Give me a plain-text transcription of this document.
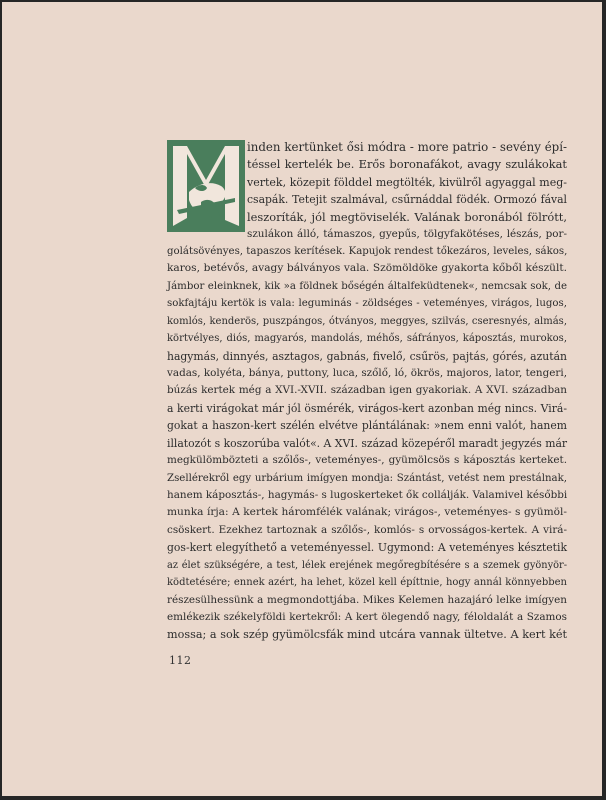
inden kertünket ősi módra - more patrio - sevény épí-
téssel kertelék be. Erős boronafákot, avagy szulákokat
vertek, közepit földdel megtölték, kivülről agyaggal meg-
csapák. Tetejit szalmával, csűrnáddal födék. Ormozó fával
leszoríták, jól megtöviselék. Valának boronából fölrótt,
szulákon álló, támaszos, gyepűs, tölgyfakötéses, lészás, por-
golátsövényes, tapaszos kerítések. Kapujok rendest tőkezáros, leveles, sákos,
karos, betévős, avagy bálványos vala. Szömöldöke gyakorta kőből készült.
Jámbor eleinknek, kik »a földnek bőségén általfeküdtenek«, nemcsak sok, de
sokfajtáju kertök is vala: leguminás - zöldséges - veteményes, virágos, lugos,
komlós, kenderös, puszpángos, ótványos, meggyes, szilvás, cseresnyés, almás,
körtvélyes, diós, magyarós, mandolás, méhős, sáfrányos, káposztás, murokos,
hagymás, dinnyés, asztagos, gabnás, fivelő, csűrös, pajtás, górés, azután
vadas, kolyéta, bánya, puttony, luca, szőlő, ló, ökrös, majoros, lator, tengeri,
búzás kertek még a XVI.-XVII. században igen gyakoriak. A XVI. században
a kerti virágokat már jól ösmérék, virágos-kert azonban még nincs. Virá-
gokat a haszon-kert szélén elvétve plántálának: »nem enni valót, hanem
illatozót s koszorúba valót«. A XVI. század közepéről maradt jegyzés már
megkülömbözteti a szőlős-, veteményes-, gyümölcsös s káposztás kerteket.
Zsellérekről egy urbárium imígyen mondja: Szántást, vetést nem prestálnak,
hanem káposztás-, hagymás- s lugoskerteket ők collálják. Valamivel későbbi
munka írja: A kertek háromfélék valának; virágos-, veteményes- s gyümöl-
csöskert. Ezekhez tartoznak a szőlős-, komlós- s orvosságos-kertek. A virá-
gos-kert elegyíthető a veteményessel. Ugymond: A veteményes késztetik
az élet szükségére, a test, lélek erejének megőregbítésére s a szemek gyönyör-
ködtetésére; ennek azért, ha lehet, közel kell építtnie, hogy annál könnyebben
részesülhessünk a megmondottjába. Mikes Kelemen hazajáró lelke imígyen
emlékezik székelyföldi kertekről: A kert ölegendő nagy, féloldalát a Szamos
mossa; a sok szép gyümölcsfák mind utcára vannak ültetve. A kert két
112
